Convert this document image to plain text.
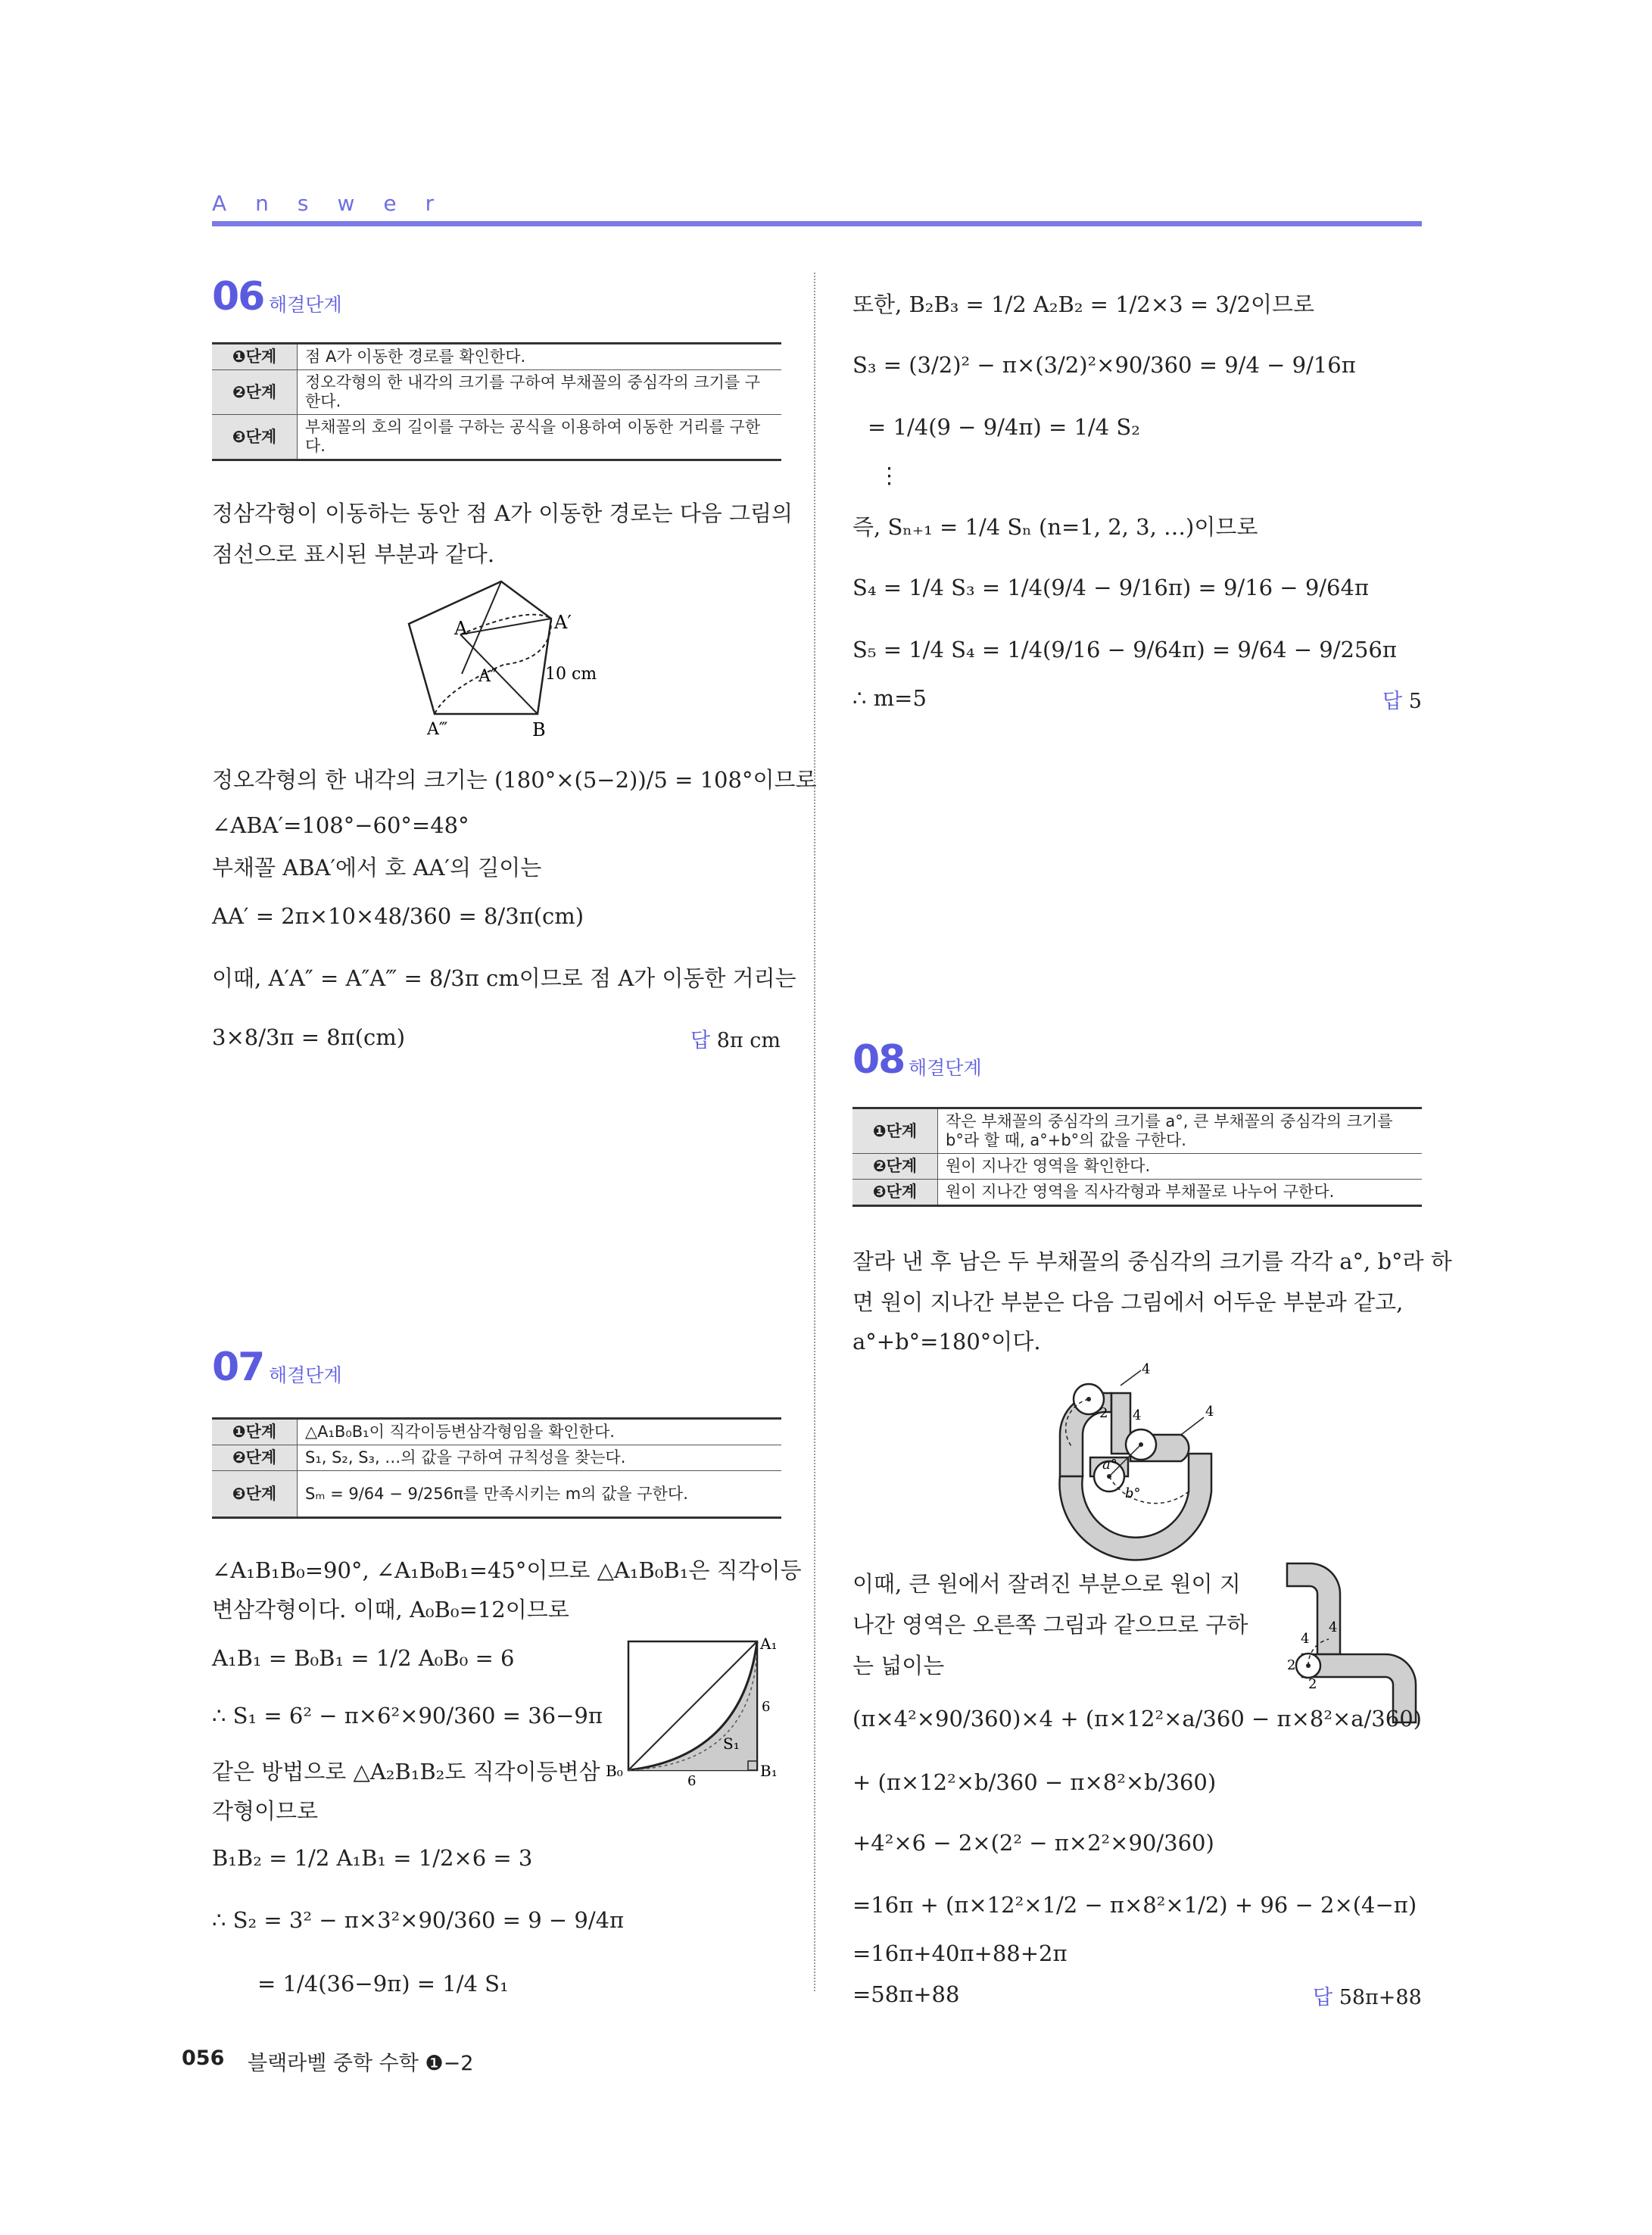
Answer
06 해결단계
❶단계	점 A가 이동한 경로를 확인한다.
❷단계	정오각형의 한 내각의 크기를 구하여 부채꼴의 중심각의 크기를 구한다.
❸단계	부채꼴의 호의 길이를 구하는 공식을 이용하여 이동한 거리를 구한다.
정삼각형이 이동하는 동안 점 A가 이동한 경로는 다음 그림의
점선으로 표시된 부분과 같다.
A	A′
A″
A‴	B
10 cm
정오각형의 한 내각의 크기는 (180°×(5−2))/5 = 108°이므로
∠ABA′=108°−60°=48°
부채꼴 ABA′에서 호 AA′의 길이는
AA′ = 2π×10×48/360 = 8/3π(cm)
이때, A′A″ = A″A‴ = 8/3π cm이므로 점 A가 이동한 거리는
3×8/3π = 8π(cm)	답 8π cm
07 해결단계
❶단계	△A₁B₀B₁이 직각이등변삼각형임을 확인한다.
❷단계	S₁, S₂, S₃, …의 값을 구하여 규칙성을 찾는다.
❸단계	Sₘ = 9/64 − 9/256π를 만족시키는 m의 값을 구한다.
∠A₁B₁B₀=90°, ∠A₁B₀B₁=45°이므로 △A₁B₀B₁은 직각이등
변삼각형이다. 이때, A₀B₀=12이므로
A₁B₁ = B₀B₁ = 1/2 A₀B₀ = 6
∴ S₁ = 6² − π×6²×90/360 = 36−9π
같은 방법으로 △A₂B₁B₂도 직각이등변삼
각형이므로
B₁B₂ = 1/2 A₁B₁ = 1/2×6 = 3
∴ S₂ = 3² − π×3²×90/360 = 9 − 9/4π
= 1/4(36−9π) = 1/4 S₁
A₁
B₀	B₁
6
6
S₁
또한, B₂B₃ = 1/2 A₂B₂ = 1/2×3 = 3/2이므로
S₃ = (3/2)² − π×(3/2)²×90/360 = 9/4 − 9/16π
= 1/4(9 − 9/4π) = 1/4 S₂
⋮
즉, Sₙ₊₁ = 1/4 Sₙ (n=1, 2, 3, …)이므로
S₄ = 1/4 S₃ = 1/4(9/4 − 9/16π) = 9/16 − 9/64π
S₅ = 1/4 S₄ = 1/4(9/16 − 9/64π) = 9/64 − 9/256π
∴ m=5	답 5
08 해결단계
❶단계	작은 부채꼴의 중심각의 크기를 a°, 큰 부채꼴의 중심각의 크기를 b°라 할 때, a°+b°의 값을 구한다.
❷단계	원이 지나간 영역을 확인한다.
❸단계	원이 지나간 영역을 직사각형과 부채꼴로 나누어 구한다.
잘라 낸 후 남은 두 부채꼴의 중심각의 크기를 각각 a°, b°라 하
면 원이 지나간 부분은 다음 그림에서 어두운 부분과 같고,
a°+b°=180°이다.
4
4	4
2
a°
b°
이때, 큰 원에서 잘려진 부분으로 원이 지
나간 영역은 오른쪽 그림과 같으므로 구하
는 넓이는
4
4
2
2
(π×4²×90/360)×4 + (π×12²×a/360 − π×8²×a/360)
+ (π×12²×b/360 − π×8²×b/360)
+4²×6 − 2×(2² − π×2²×90/360)
=16π + (π×12²×1/2 − π×8²×1/2) + 96 − 2×(4−π)
=16π+40π+88+2π
=58π+88	답 58π+88
056 블랙라벨 중학 수학 ❶−2
